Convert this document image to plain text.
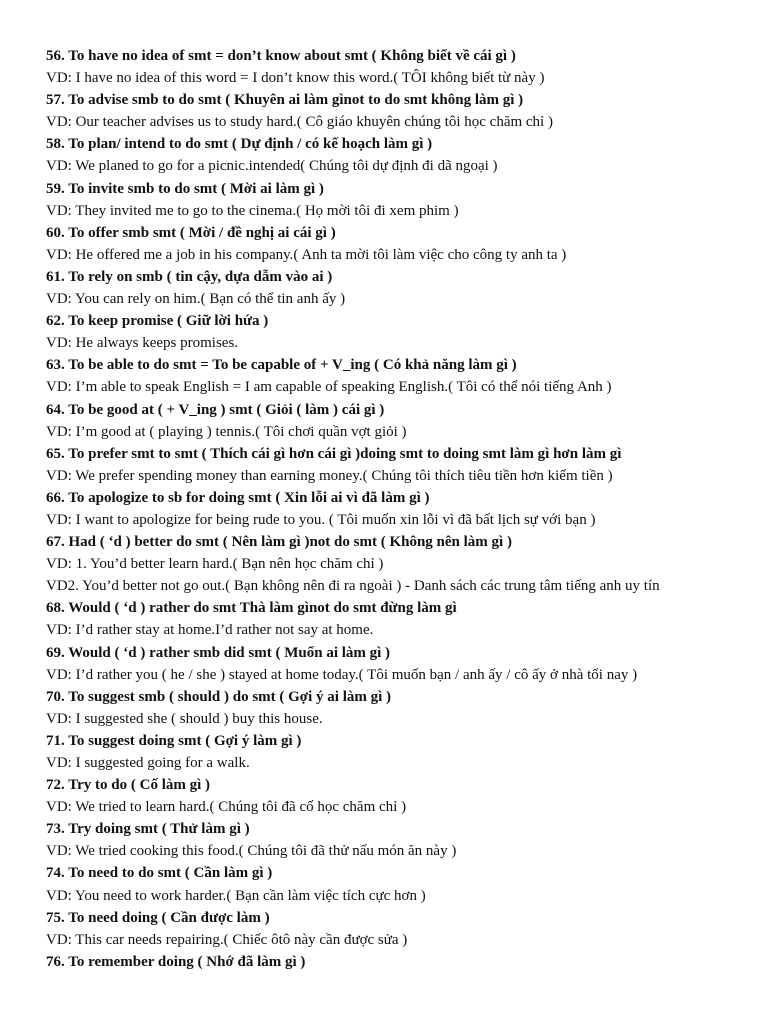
56. To have no idea of smt = don’t know about smt ( Không biết về cái gì )
VD: I have no idea of this word = I don’t know this word.( TÔI không biết từ này )
57. To advise smb to do smt ( Khuyên ai làm gìnot to do smt không làm gì )
VD: Our teacher advises us to study hard.( Cô giáo khuyên chúng tôi học chăm chỉ )
58. To plan/ intend to do smt ( Dự định / có kế hoạch làm gì )
VD: We planed to go for a picnic.intended( Chúng tôi dự định đi dã ngoại )
59. To invite smb to do smt ( Mời ai làm gì )
VD: They invited me to go to the cinema.( Họ mời tôi đi xem phim )
60. To offer smb smt ( Mời / đề nghị ai cái gì )
VD: He offered me a job in his company.( Anh ta mời tôi làm việc cho công ty anh ta )
61. To rely on smb ( tin cậy, dựa dẫm vào ai )
VD: You can rely on him.( Bạn có thể tin anh ấy )
62. To keep promise ( Giữ lời hứa )
VD: He always keeps promises.
63. To be able to do smt = To be capable of + V_ing ( Có khả năng làm gì )
VD: I’m able to speak English = I am capable of speaking English.( Tôi có thể nói tiếng Anh )
64. To be good at ( + V_ing ) smt ( Giỏi ( làm ) cái gì )
VD: I’m good at ( playing ) tennis.( Tôi chơi quần vợt giỏi )
65. To prefer smt to smt ( Thích cái gì hơn cái gì )doing smt to doing smt làm gì hơn làm gì
VD: We prefer spending money than earning money.( Chúng tôi thích tiêu tiền hơn kiếm tiền )
66. To apologize to sb for doing smt ( Xin lỗi ai vì đã làm gì )
VD: I want to apologize for being rude to you. ( Tôi muốn xin lỗi vì đã bất lịch sự với bạn )
67. Had ( ‘d ) better do smt ( Nên làm gì )not do smt ( Không nên làm gì )
VD: 1. You’d better learn hard.( Bạn nên học chăm chỉ )
VD2. You’d better not go out.( Bạn không nên đi ra ngoài ) - Danh sách các trung tâm tiếng anh uy tín
68. Would ( ‘d ) rather do smt Thà làm gìnot do smt đừng làm gì
VD: I’d rather stay at home.I’d rather not say at home.
69. Would ( ‘d ) rather smb did smt ( Muốn ai làm gì )
VD: I’d rather you ( he / she ) stayed at home today.( Tôi muốn bạn / anh ấy / cô ấy ở nhà tối nay )
70. To suggest smb ( should ) do smt ( Gợi ý ai làm gì )
VD: I suggested she ( should ) buy this house.
71. To suggest doing smt ( Gợi ý làm gì )
VD: I suggested going for a walk.
72. Try to do ( Cố làm gì )
VD: We tried to learn hard.( Chúng tôi đã cố học chăm chỉ )
73. Try doing smt ( Thử làm gì )
VD: We tried cooking this food.( Chúng tôi đã thử nấu món ăn này )
74. To need to do smt ( Cần làm gì )
VD: You need to work harder.( Bạn cần làm việc tích cực hơn )
75. To need doing ( Cần được làm )
VD: This car needs repairing.( Chiếc ôtô này cần được sửa )
76. To remember doing ( Nhớ đã làm gì )
